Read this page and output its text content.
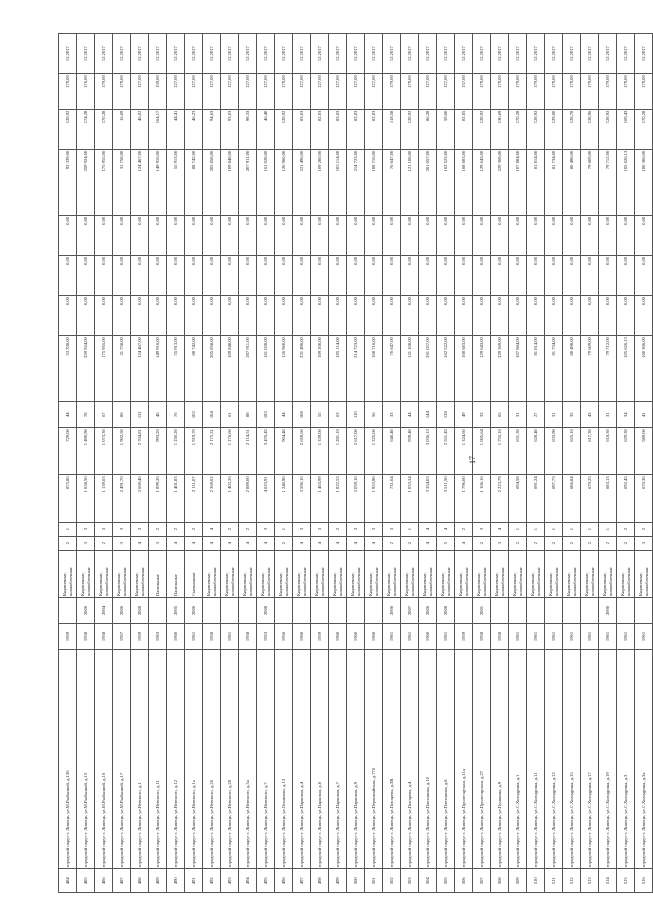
484	городской округ г. Липецк, ул.М.Рыбкиной, д.13б	1959		Кирпичные, шлакоблочные	2	1	875,80	729,00	44	53 338,00	0,00	0,00	0,00	92 339,00	128,92	179,00	12.2017
485	городской округ г. Липецк, ул.М.Рыбкиной, д.15	1958	2006	Кирпичные, шлакоблочные	3	3	1 658,50	1 490,90	78	259 924,00	0,00	0,00	0,00	259 924,00	174,28	176,00	12.2017
486	городской округ г. Липецк, ул.М.Рыбкиной, д.16	1958	2004	Кирпичные, шлакоблочные	2	3	1 139,63	1 073,30	67	175 955,00	0,00	0,00	0,00	175 955,00	170,28	179,00	12.2017
487	городской округ г. Липецк, ул.М.Рыбкиной, д.17	1957	2006	Кирпичные, шлакоблочные	3	3	2 491,70	1 902,50	86	31 758,00	0,00	0,00	0,00	31 758,00	16,69	179,00	12.2017
488	городской округ г. Липецк, ул.Невского, д.1	1959	2008	Кирпичные, шлакоблочные	4	3	3 669,40	2 704,81	131	124 467,00	0,00	0,00	0,00	124 467,00	46,02	127,00	12.2017
489	городской округ г. Липецк, ул.Невского, д.11	1963		Панельные	3	2	1 899,20	993,20	46	149 916,00	0,00	0,00	0,00	149 916,00	164,17	159,00	12.2017
490	городской округ г. Липецк, ул.Невского, д.12	1960	2005	Панельные	4	2	1 401,83	1 250,20	76	55 913,00	0,00	0,00	0,00	55 913,00	44,41	127,00	12.2017
491	городской округ г. Липецк, ул.Невского, д.1а	1961	2006	Смешанные	4	2	2 111,07	1 919,70	102	88 742,00	0,00	0,00	0,00	88 742,00	46,23	127,00	12.2017
492	городской округ г. Липецк, ул.Невского, д.26	1958		Кирпичные, шлакоблочные	4	4	2 369,02	2 175,31	104	205 858,00	0,00	0,00	0,00	205 858,00	94,63	127,00	12.2017
493	городской округ г. Липецк, ул.Невского, д.28	1961		Кирпичные, шлакоблочные	4	2	1 403,26	1 176,60	61	109 848,00	0,00	0,00	0,00	109 848,00	93,03	127,00	12.2017
494	городской округ г. Липецк, ул.Невского, д.3а	1958		Кирпичные, шлакоблочные	4	2	2 889,00	2 114,51	88	207 911,00	0,00	0,00	0,00	207 911,00	98,33	127,00	12.2017
495	городской округ г. Липецк, ул.Невского, д.7	1953	2008	Кирпичные, шлакоблочные	4	3	4 623,91	3 470,45	183	161 028,00	0,00	0,00	0,00	161 028,00	46,40	127,00	12.2017
496	городской округ г. Липецк, ул.Осипенко, д.13	1956		Кирпичные, шлакоблочные	2	1	1 240,90	904,40	44	126 960,00	0,00	0,00	0,00	126 960,00	128,92	179,00	12.2017
497	городской округ г. Липецк, ул.Парковая, д.4	1960		Кирпичные, шлакоблочные	4	3	3 596,10	2 659,60	108	221 496,00	0,00	0,00	0,00	221 496,00	83,03	127,00	12.2017
498	городской округ г. Липецк, ул.Парковая, д.6	1959		Кирпичные, шлакоблочные	4	3	1 463,99	1 339,00	55	109 200,00	0,00	0,00	0,00	109 200,00	82,03	127,00	12.2017
499	городской округ г. Липецк, ул.Парковая, д.7	1960		Кирпичные, шлакоблочные	4	2	1 822,53	1 281,10	63	105 114,00	0,00	0,00	0,00	105 114,00	83,03	127,00	12.2017
500	городской округ г. Липецк, ул.Парковая, д.9	1960		Кирпичные, шлакоблочные	4	3	3 059,10	2 617,00	110	214 723,00	0,00	0,00	0,00	214 723,00	82,03	127,00	12.2017
501	городской округ г. Липецк, ул.Первомайская, д.77б	1960		Кирпичные, шлакоблочные	4	3	1 953,90	1 325,00	56	108 716,00	0,00	0,00	0,00	108 716,00	82,03	127,00	12.2017
502	городской округ г. Липецк, ул.Писарева, д.3В	1961	2006	Кирпичные, шлакоблочные	2	3	731,04	646,40	33	76 647,00	0,00	0,00	0,00	76 647,00	118,58	179,00	12.2017
503	городской округ г. Липецк, ул.Писарева, д.4	1961	2007	Кирпичные, шлакоблочные	2	1	1 053,34	939,40	44	121 108,00	0,00	0,00	0,00	121 108,00	128,92	179,00	12.2017
504	городской округ г. Липецк, ул.Плеханова, д.10	1960	2006	Кирпичные, шлакоблочные	4	4	3 354,03	3 036,13	144	261 057,00	0,00	0,00	0,00	261 057,00	86,28	127,00	12.2017
505	городской округ г. Липецк, ул.Плеханова, д.8	1961	2008	Кирпичные, шлакоблочные	5	4	3 511,50	2 551,43	128	162 522,00	0,00	0,00	0,00	162 522,00	59,00	127,00	12.2017
506	городской округ г. Липецк, ул.Пролетарская, д.11а	1959		Кирпичные, шлакоблочные	4	2	1 796,00	1 324,60	49	108 683,00	0,00	0,00	0,00	108 683,00	82,05	137,00	12.2017
507	городской округ г. Липецк, ул.Пролетарская, д.27	1958	2001	Кирпичные, шлакоблочные	2	3	1 166,16	1 005,64	33	129 643,00	0,00	0,00	0,00	129 643,00	128,92	179,00	12.2017
508	городской округ г. Липецк, ул.Пушкина, д.9	1958		Кирпичные, шлакоблочные	3	4	2 223,79	1 755,10	65	229 369,00	0,00	0,00	0,00	229 369,00	130,69	179,00	12.2017
509	городской округ г. Липецк, ул.С.Холодрина, д.1	1961		Кирпичные, шлакоблочные	2	1	694,58	631,30	31	107 884,00	0,00	0,00	0,00	107 884,00	170,28	179,00	12.2017
510	городской округ г. Липецк, ул.С.Холодрина, д.11	1961		Кирпичные, шлакоблочные	2	1	691,24	628,40	27	81 814,00	0,00	0,00	0,00	81 814,00	128,92	179,00	12.2017
511	городской округ г. Липецк, ул.С.Холодрина, д.13	1961		Кирпичные, шлакоблочные	2	1	697,73	633,90	31	81 734,00	0,00	0,00	0,00	81 734,00	129,00	179,00	12.2017
512	городской округ г. Липецк, ул.С.Холодрина, д.15	1961		Кирпичные, шлакоблочные	2	1	686,84	625,10	35	80 498,00	0,00	0,00	0,00	80 498,00	128,78	179,00	12.2017
513	городской округ г. Липецк, ул.С.Холодрина, д.17	1961		Кирпичные, шлакоблочные	2	1	679,25	617,30	43	79 609,00	0,00	0,00	0,00	79 609,00	128,96	179,00	12.2017
514	городской округ г. Липецк, ул.С.Холодрина, д.19	1961	2000	Кирпичные, шлакоблочные	2	1	683,13	618,30	31	79 712,00	0,00	0,00	0,00	79 712,00	128,92	179,00	12.2017
515	городской округ г. Липецк, ул.С.Холодрина, д.3	1961		Кирпичные, шлакоблочные	2	2	692,45	629,30	34	105 626,13	0,00	0,00	0,00	105 626,13	169,43	179,00	12.2017
516	городской округ г. Липецк, ул.С.Холодрина, д.3а	1961		Кирпичные, шлакоблочные	3	2	670,30	589,00	41	100 306,00	0,00	0,00	0,00	100 306,00	170,28	179,00	12.2017
17
